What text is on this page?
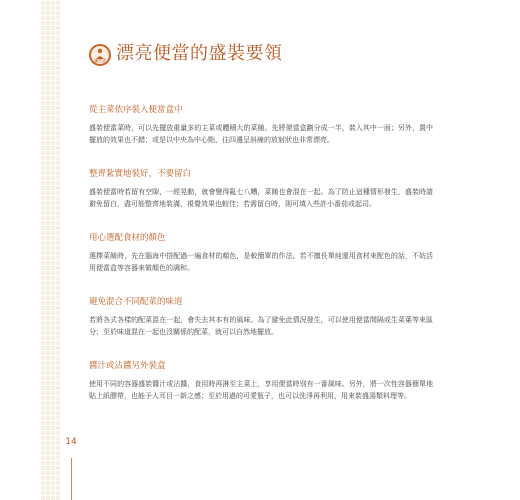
讓生活 漂亮便當的盛裝要領
從主菜依序裝入便當盒中

盛裝便當菜時，可以先擺放重量多的主菜或體積大的菜餚。先將便當盒劃分成一半，裝入其中一面；另外，置中擺放的效果也不錯；或是以中央為中心點，往四邊呈斜線的放射狀也非常漂亮。

整齊紮實地裝好，不要留白

盛裝便當時若留有空隙，一經晃動，就會變得亂七八糟，菜餚也會混在一起。為了防止這種情形發生，盛裝時請避免留白，盡可能整齊地裝滿，視覺效果也較佳；若需留白時，則可填入些許小番茄或起司。

用心選配食材的顏色

選擇菜餚時，先在腦海中搭配過一遍食材的顏色，是較簡單的作法。若不擅長單純運用食材來配色的話，不妨活用便當盒等容器來做顏色的調和。

避免混合不同配菜的味道

若將各式各樣的配菜混在一起，會失去其本有的風味。為了避免此情況發生，可以使用便當間隔或生菜葉等來區分；至於味道混在一起也沒關係的配菜，就可以自然地擺放。

醬汁或沾醬另外裝盒

使用不同的容器盛裝醬汁或沾醬，食用時再淋至主菜上，享用便當時別有一番風味。另外，將一次性容器簡單地貼上紙膠帶，也能予人耳目一新之感；至於用過的可愛瓶子，也可以洗淨再利用，用來裝盛湯類料理等。

14
